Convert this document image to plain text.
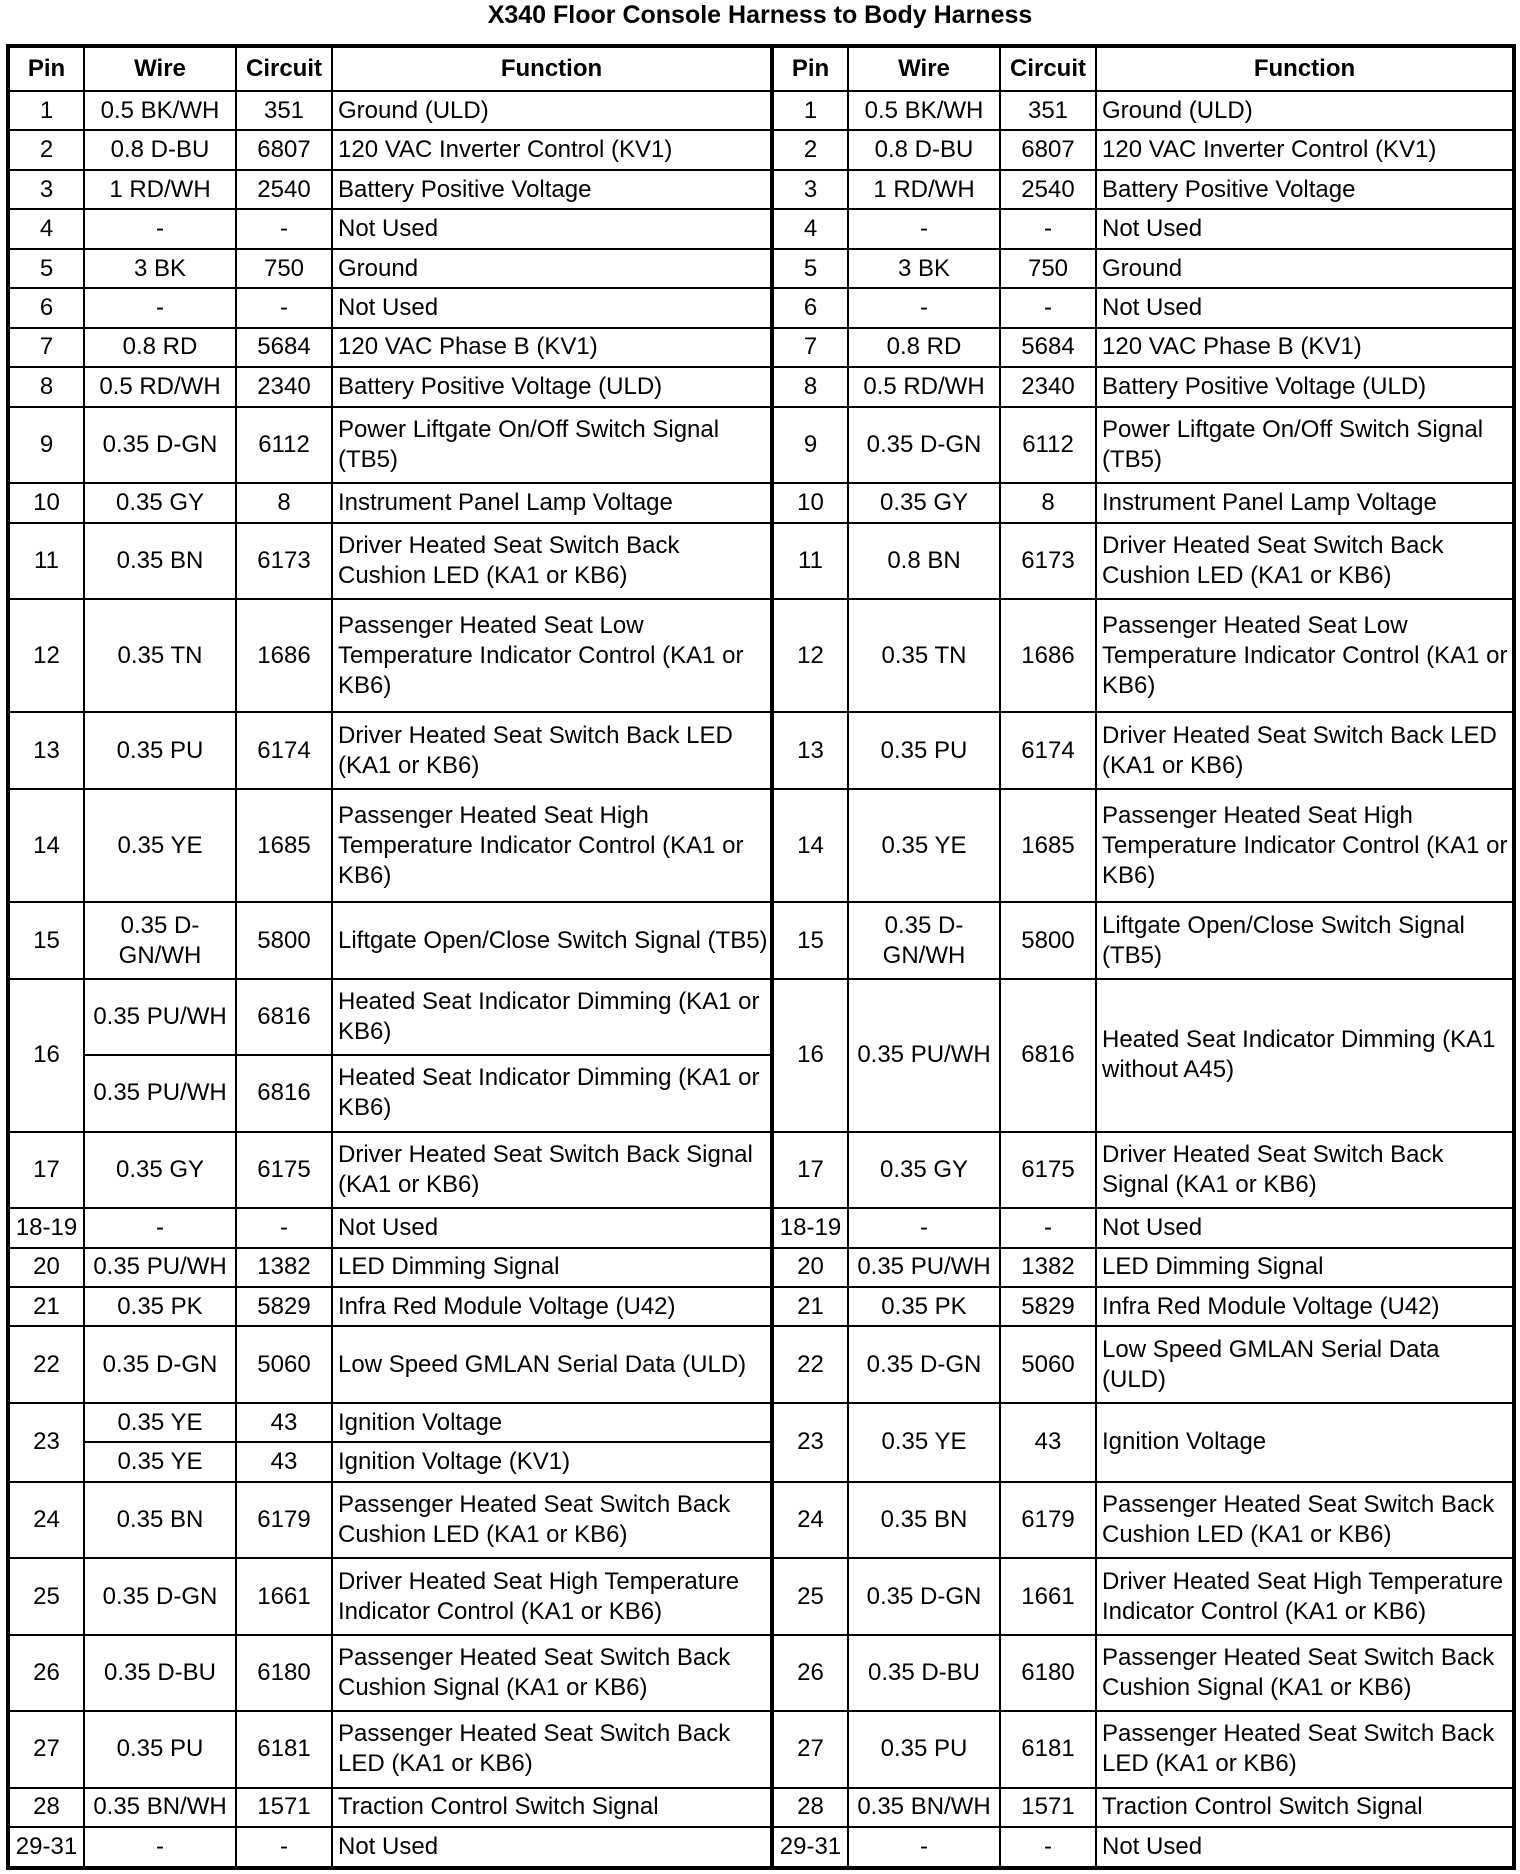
X340 Floor Console Harness to Body Harness
Pin	Wire	Circuit	Function	Pin	Wire	Circuit	Function
1	0.5 BK/WH	351	Ground (ULD)	1	0.5 BK/WH	351	Ground (ULD)
2	0.8 D-BU	6807	120 VAC Inverter Control (KV1)	2	0.8 D-BU	6807	120 VAC Inverter Control (KV1)
3	1 RD/WH	2540	Battery Positive Voltage	3	1 RD/WH	2540	Battery Positive Voltage
4	-	-	Not Used	4	-	-	Not Used
5	3 BK	750	Ground	5	3 BK	750	Ground
6	-	-	Not Used	6	-	-	Not Used
7	0.8 RD	5684	120 VAC Phase B (KV1)	7	0.8 RD	5684	120 VAC Phase B (KV1)
8	0.5 RD/WH	2340	Battery Positive Voltage (ULD)	8	0.5 RD/WH	2340	Battery Positive Voltage (ULD)
9	0.35 D-GN	6112	Power Liftgate On/Off Switch Signal (TB5)	9	0.35 D-GN	6112	Power Liftgate On/Off Switch Signal (TB5)
10	0.35 GY	8	Instrument Panel Lamp Voltage	10	0.35 GY	8	Instrument Panel Lamp Voltage
11	0.35 BN	6173	Driver Heated Seat Switch Back Cushion LED (KA1 or KB6)	11	0.8 BN	6173	Driver Heated Seat Switch Back Cushion LED (KA1 or KB6)
12	0.35 TN	1686	Passenger Heated Seat Low Temperature Indicator Control (KA1 or KB6)	12	0.35 TN	1686	Passenger Heated Seat Low Temperature Indicator Control (KA1 or KB6)
13	0.35 PU	6174	Driver Heated Seat Switch Back LED (KA1 or KB6)	13	0.35 PU	6174	Driver Heated Seat Switch Back LED (KA1 or KB6)
14	0.35 YE	1685	Passenger Heated Seat High Temperature Indicator Control (KA1 or KB6)	14	0.35 YE	1685	Passenger Heated Seat High Temperature Indicator Control (KA1 or KB6)
15	0.35 D-GN/WH	5800	Liftgate Open/Close Switch Signal (TB5)	15	0.35 D-GN/WH	5800	Liftgate Open/Close Switch Signal (TB5)
16	0.35 PU/WH	6816	Heated Seat Indicator Dimming (KA1 or KB6)	16	0.35 PU/WH	6816	Heated Seat Indicator Dimming (KA1 without A45)
	0.35 PU/WH	6816	Heated Seat Indicator Dimming (KA1 or KB6)				
17	0.35 GY	6175	Driver Heated Seat Switch Back Signal (KA1 or KB6)	17	0.35 GY	6175	Driver Heated Seat Switch Back Signal (KA1 or KB6)
18-19	-	-	Not Used	18-19	-	-	Not Used
20	0.35 PU/WH	1382	LED Dimming Signal	20	0.35 PU/WH	1382	LED Dimming Signal
21	0.35 PK	5829	Infra Red Module Voltage (U42)	21	0.35 PK	5829	Infra Red Module Voltage (U42)
22	0.35 D-GN	5060	Low Speed GMLAN Serial Data (ULD)	22	0.35 D-GN	5060	Low Speed GMLAN Serial Data (ULD)
23	0.35 YE	43	Ignition Voltage	23	0.35 YE	43	Ignition Voltage
	0.35 YE	43	Ignition Voltage (KV1)				
24	0.35 BN	6179	Passenger Heated Seat Switch Back Cushion LED (KA1 or KB6)	24	0.35 BN	6179	Passenger Heated Seat Switch Back Cushion LED (KA1 or KB6)
25	0.35 D-GN	1661	Driver Heated Seat High Temperature Indicator Control (KA1 or KB6)	25	0.35 D-GN	1661	Driver Heated Seat High Temperature Indicator Control (KA1 or KB6)
26	0.35 D-BU	6180	Passenger Heated Seat Switch Back Cushion Signal (KA1 or KB6)	26	0.35 D-BU	6180	Passenger Heated Seat Switch Back Cushion Signal (KA1 or KB6)
27	0.35 PU	6181	Passenger Heated Seat Switch Back LED (KA1 or KB6)	27	0.35 PU	6181	Passenger Heated Seat Switch Back LED (KA1 or KB6)
28	0.35 BN/WH	1571	Traction Control Switch Signal	28	0.35 BN/WH	1571	Traction Control Switch Signal
29-31	-	-	Not Used	29-31	-	-	Not Used
